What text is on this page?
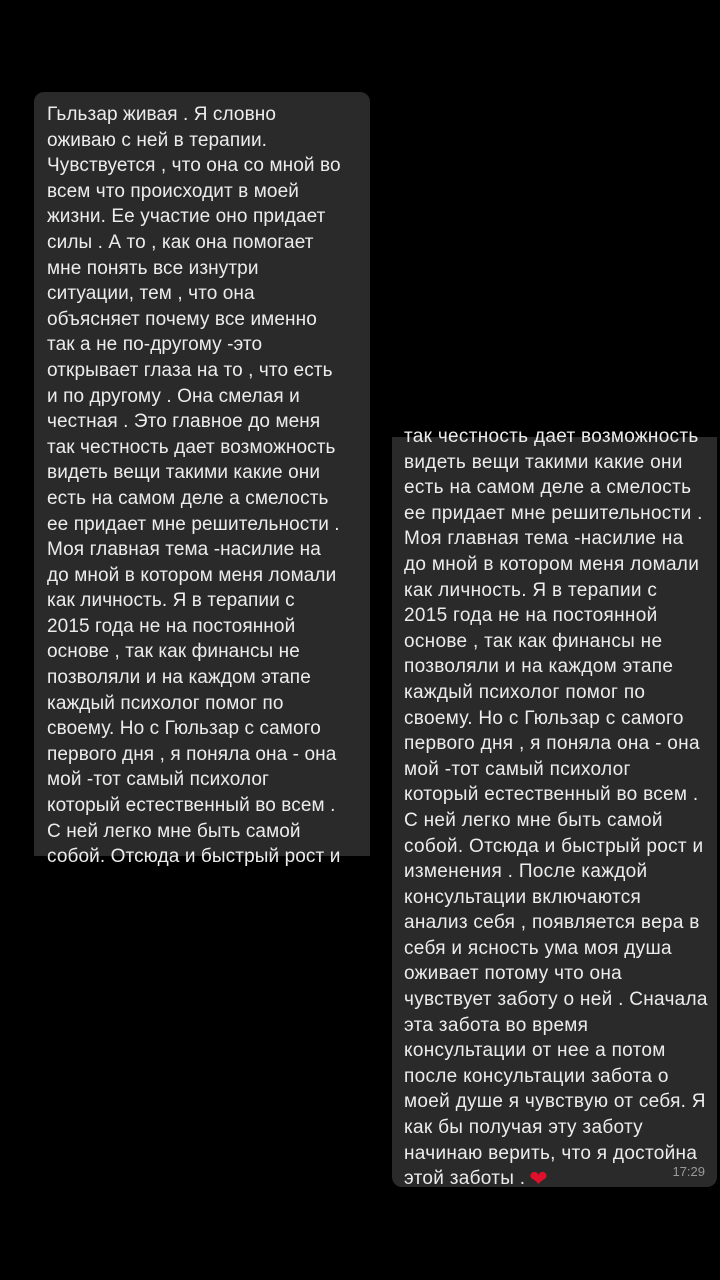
Гьльзар живая . Я словно
оживаю с ней в терапии.
Чувствуется , что она со мной во
всем что происходит в моей
жизни. Ее участие оно придает
силы . А то , как она помогает
мне понять все изнутри
ситуации, тем , что она
объясняет почему все именно
так а не по-другому -это
открывает глаза на то , что есть
и по другому . Она смелая и
честная . Это главное до меня
так честность дает возможность
видеть вещи такими какие они
есть на самом деле а смелость
ее придает мне решительности .
Моя главная тема -насилие на
до мной в котором меня ломали
как личность. Я в терапии с
2015 года не на постоянной
основе , так как финансы не
позволяли и на каждом этапе
каждый психолог помог по
своему. Но с Гюльзар с самого
первого дня , я поняла она - она
мой -тот самый психолог
который естественный во всем .
С ней легко мне быть самой
собой. Отсюда и быстрый рост и
так честность дает возможность
видеть вещи такими какие они
есть на самом деле а смелость
ее придает мне решительности .
Моя главная тема -насилие на
до мной в котором меня ломали
как личность. Я в терапии с
2015 года не на постоянной
основе , так как финансы не
позволяли и на каждом этапе
каждый психолог помог по
своему. Но с Гюльзар с самого
первого дня , я поняла она - она
мой -тот самый психолог
который естественный во всем .
С ней легко мне быть самой
собой. Отсюда и быстрый рост и
изменения . После каждой
консультации включаются
анализ себя , появляется вера в
себя и ясность ума моя душа
оживает потому что она
чувствует заботу о ней . Сначала
эта забота во время
консультации от нее а потом
после консультации забота о
моей душе я чувствую от себя. Я
как бы получая эту заботу
начинаю верить, что я достойна
этой заботы . ❤	17:29
